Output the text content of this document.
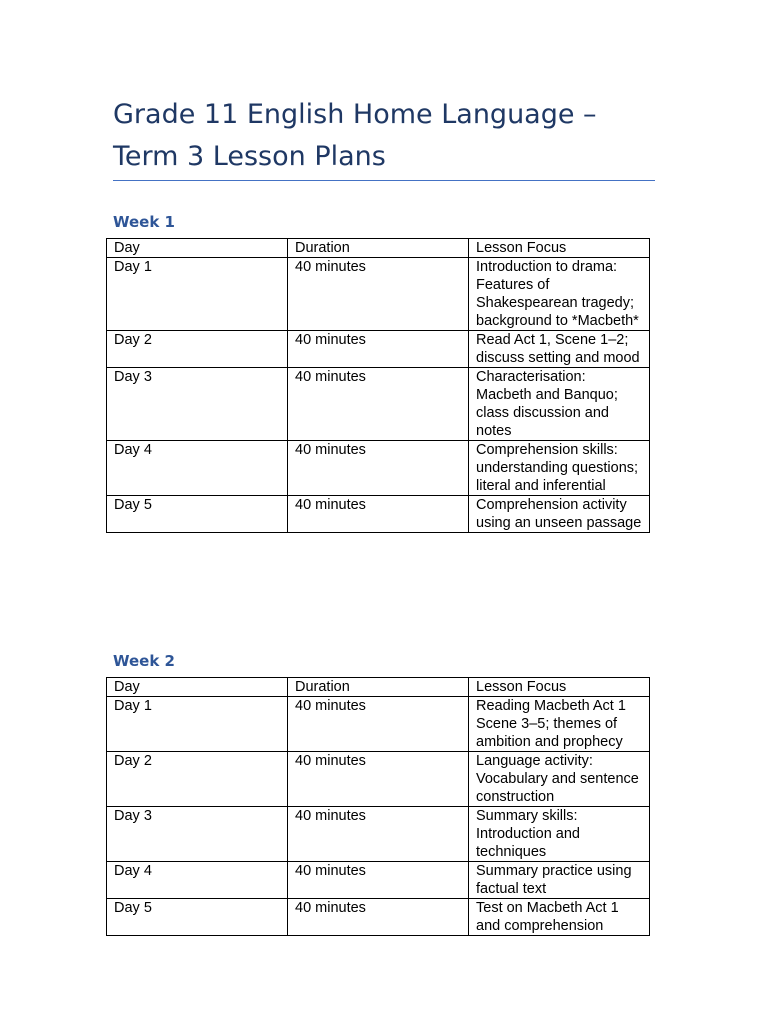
Grade 11 English Home Language –
Term 3 Lesson Plans
Week 1
Day	Duration	Lesson Focus
Day 1	40 minutes	Introduction to drama: Features of Shakespearean tragedy; background to *Macbeth*
Day 2	40 minutes	Read Act 1, Scene 1–2; discuss setting and mood
Day 3	40 minutes	Characterisation: Macbeth and Banquo; class discussion and notes
Day 4	40 minutes	Comprehension skills: understanding questions; literal and inferential
Day 5	40 minutes	Comprehension activity using an unseen passage
Week 2
Day	Duration	Lesson Focus
Day 1	40 minutes	Reading Macbeth Act 1 Scene 3–5; themes of ambition and prophecy
Day 2	40 minutes	Language activity: Vocabulary and sentence construction
Day 3	40 minutes	Summary skills: Introduction and techniques
Day 4	40 minutes	Summary practice using factual text
Day 5	40 minutes	Test on Macbeth Act 1 and comprehension
